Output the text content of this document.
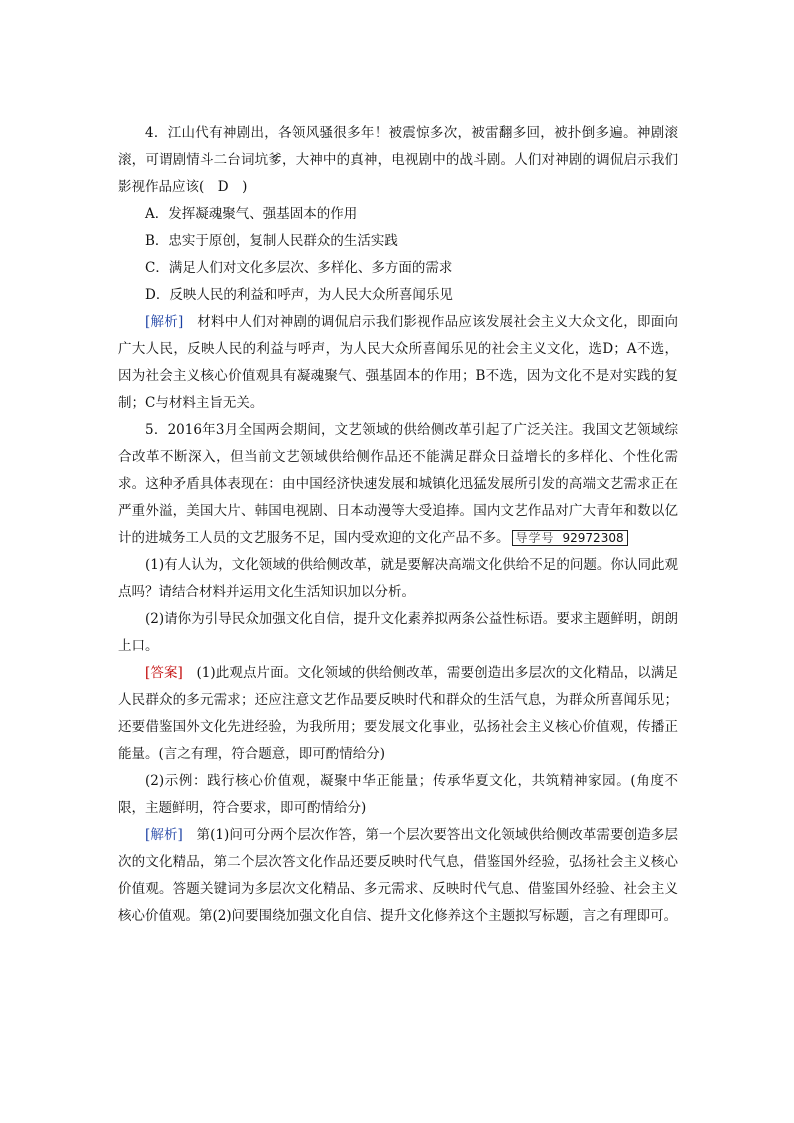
4．江山代有神剧出，各领风骚很多年！被震惊多次，被雷翻多回，被扑倒多遍。神剧滚滚，可谓剧情斗二台词坑爹，大神中的真神，电视剧中的战斗剧。人们对神剧的调侃启示我们影视作品应该(　D　)

A．发挥凝魂聚气、强基固本的作用

B．忠实于原创，复制人民群众的生活实践

C．满足人们对文化多层次、多样化、多方面的需求

D．反映人民的利益和呼声，为人民大众所喜闻乐见

[解析]　材料中人们对神剧的调侃启示我们影视作品应该发展社会主义大众文化，即面向广大人民，反映人民的利益与呼声，为人民大众所喜闻乐见的社会主义文化，选D；A不选，因为社会主义核心价值观具有凝魂聚气、强基固本的作用；B不选，因为文化不是对实践的复制；C与材料主旨无关。

5．2016年3月全国两会期间，文艺领域的供给侧改革引起了广泛关注。我国文艺领域综合改革不断深入，但当前文艺领域供给侧作品还不能满足群众日益增长的多样化、个性化需求。这种矛盾具体表现在：由中国经济快速发展和城镇化迅猛发展所引发的高端文艺需求正在严重外溢，美国大片、韩国电视剧、日本动漫等大受追捧。国内文艺作品对广大青年和数以亿计的进城务工人员的文艺服务不足，国内受欢迎的文化产品不多。 导学号 92972308

(1)有人认为，文化领域的供给侧改革，就是要解决高端文化供给不足的问题。你认同此观点吗？请结合材料并运用文化生活知识加以分析。

(2)请你为引导民众加强文化自信，提升文化素养拟两条公益性标语。要求主题鲜明，朗朗上口。

[答案]　(1)此观点片面。文化领域的供给侧改革，需要创造出多层次的文化精品，以满足人民群众的多元需求；还应注意文艺作品要反映时代和群众的生活气息，为群众所喜闻乐见；还要借鉴国外文化先进经验，为我所用；要发展文化事业，弘扬社会主义核心价值观，传播正能量。(言之有理，符合题意，即可酌情给分)

(2)示例：践行核心价值观，凝聚中华正能量；传承华夏文化，共筑精神家园。(角度不限，主题鲜明，符合要求，即可酌情给分)

[解析]　第(1)问可分两个层次作答，第一个层次要答出文化领域供给侧改革需要创造多层次的文化精品，第二个层次答文化作品还要反映时代气息，借鉴国外经验，弘扬社会主义核心价值观。答题关键词为多层次文化精品、多元需求、反映时代气息、借鉴国外经验、社会主义核心价值观。第(2)问要围绕加强文化自信、提升文化修养这个主题拟写标题，言之有理即可。
